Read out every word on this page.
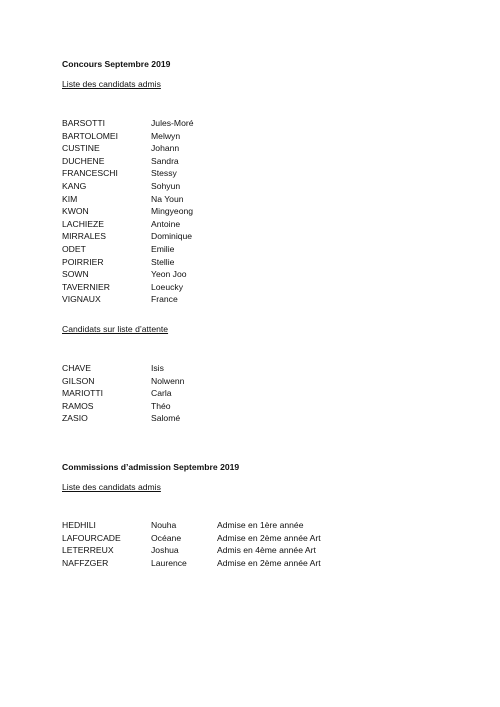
Concours Septembre 2019
Liste des candidats admis
BARSOTTI	Jules-Moré
BARTOLOMEI	Melwyn
CUSTINE	Johann
DUCHENE	Sandra
FRANCESCHI	Stessy
KANG	Sohyun
KIM	Na Youn
KWON	Mingyeong
LACHIEZE	Antoine
MIRRALES	Dominique
ODET	Emilie
POIRRIER	Stellie
SOWN	Yeon Joo
TAVERNIER	Loeucky
VIGNAUX	France
Candidats sur liste d’attente
CHAVE	Isis
GILSON	Nolwenn
MARIOTTI	Carla
RAMOS	Théo
ZASIO	Salomé
Commissions d’admission Septembre 2019
Liste des candidats admis
HEDHILI	Nouha	Admise en 1ère année
LAFOURCADE	Océane	Admise en 2ème année Art
LETERREUX	Joshua	Admis en 4ème année Art
NAFFZGER	Laurence	Admise en 2ème année Art
